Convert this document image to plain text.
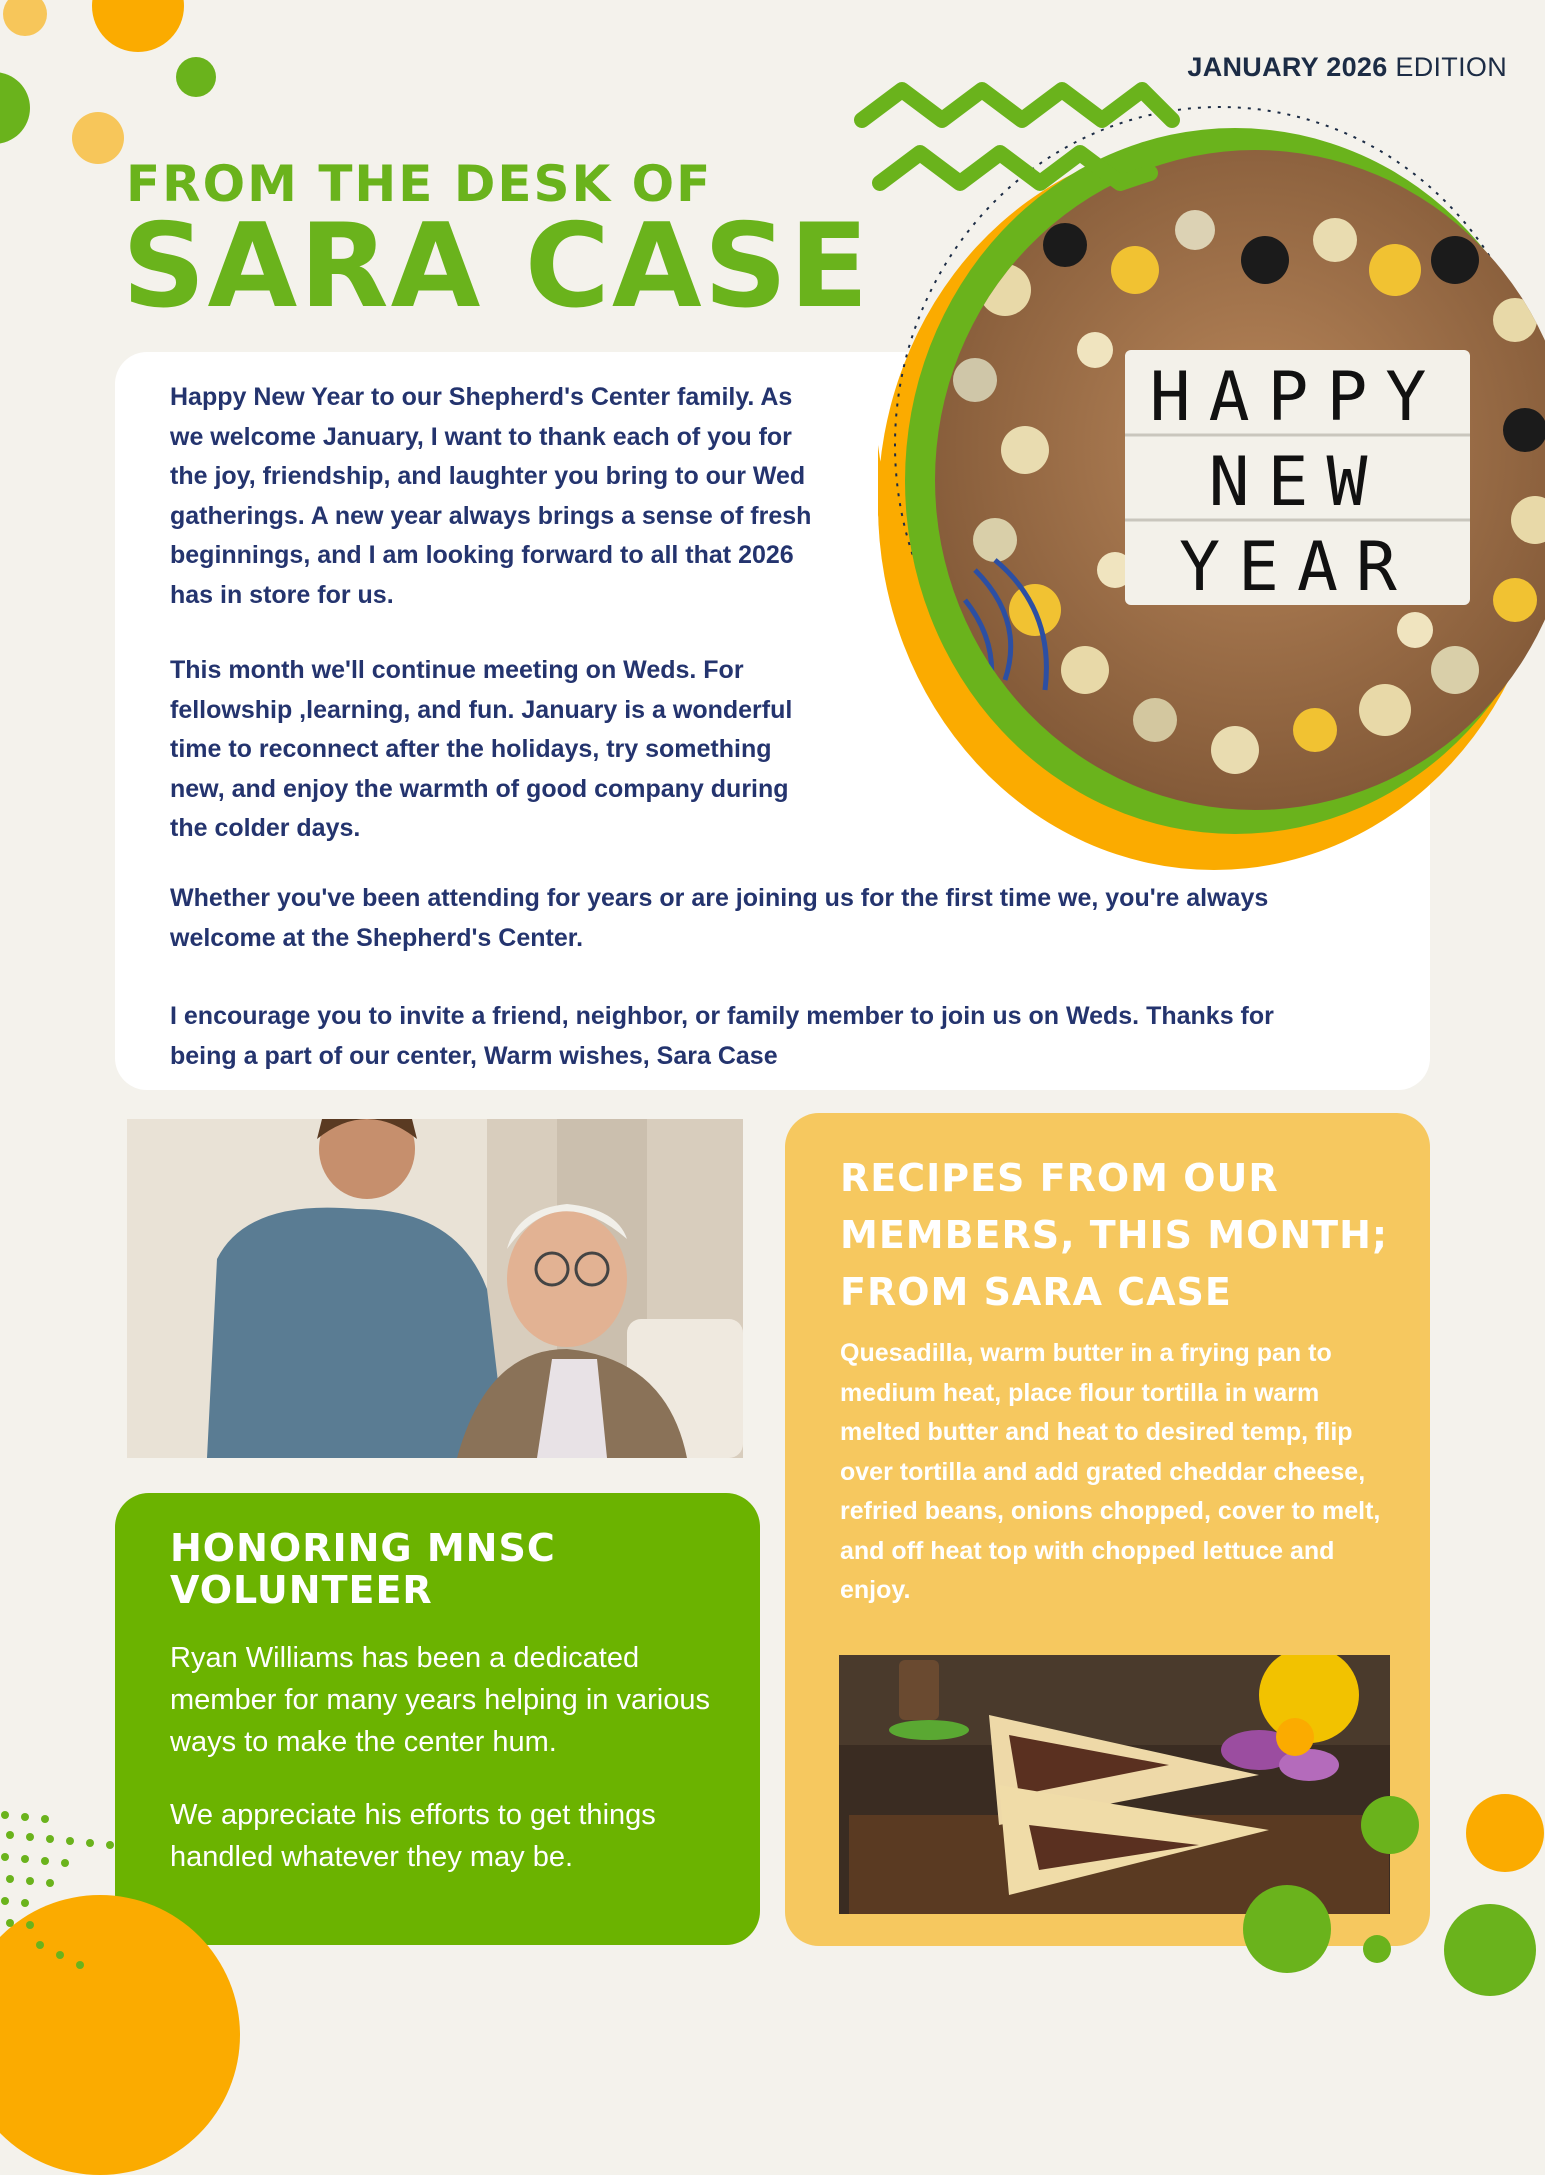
JANUARY 2026 EDITION
FROM THE DESK OF
SARA CASE
Happy New Year to our Shepherd's Center family. As
we welcome January, I want to thank each of you for
the joy, friendship, and laughter you bring to our Wed
gatherings. A new year always brings a sense of fresh
beginnings, and I am looking forward to all that 2026
has in store for us.
This month we'll continue meeting on Weds. For
fellowship ,learning, and fun. January is a wonderful
time to reconnect after the holidays, try something
new, and enjoy the warmth of good company during
the colder days.
Whether you've been attending for years or are joining us for the first time we, you're always
welcome at the Shepherd's Center.
I encourage you to invite a friend, neighbor, or family member to join us on Weds. Thanks for
being a part of our center, Warm wishes, Sara Case
HAPPY
NEW
YEAR
HONORING MNSC VOLUNTEER

Ryan Williams has been a dedicated member for many years helping in various ways to make the center hum.

We appreciate his efforts to get things handled whatever they may be.

RECIPES FROM OUR MEMBERS, THIS MONTH; FROM SARA CASE

Quesadilla, warm butter in a frying pan to medium heat, place flour tortilla in warm melted butter and heat to desired temp, flip over tortilla and add grated cheddar cheese, refried beans, onions chopped, cover to melt, and off heat top with chopped lettuce and enjoy.
